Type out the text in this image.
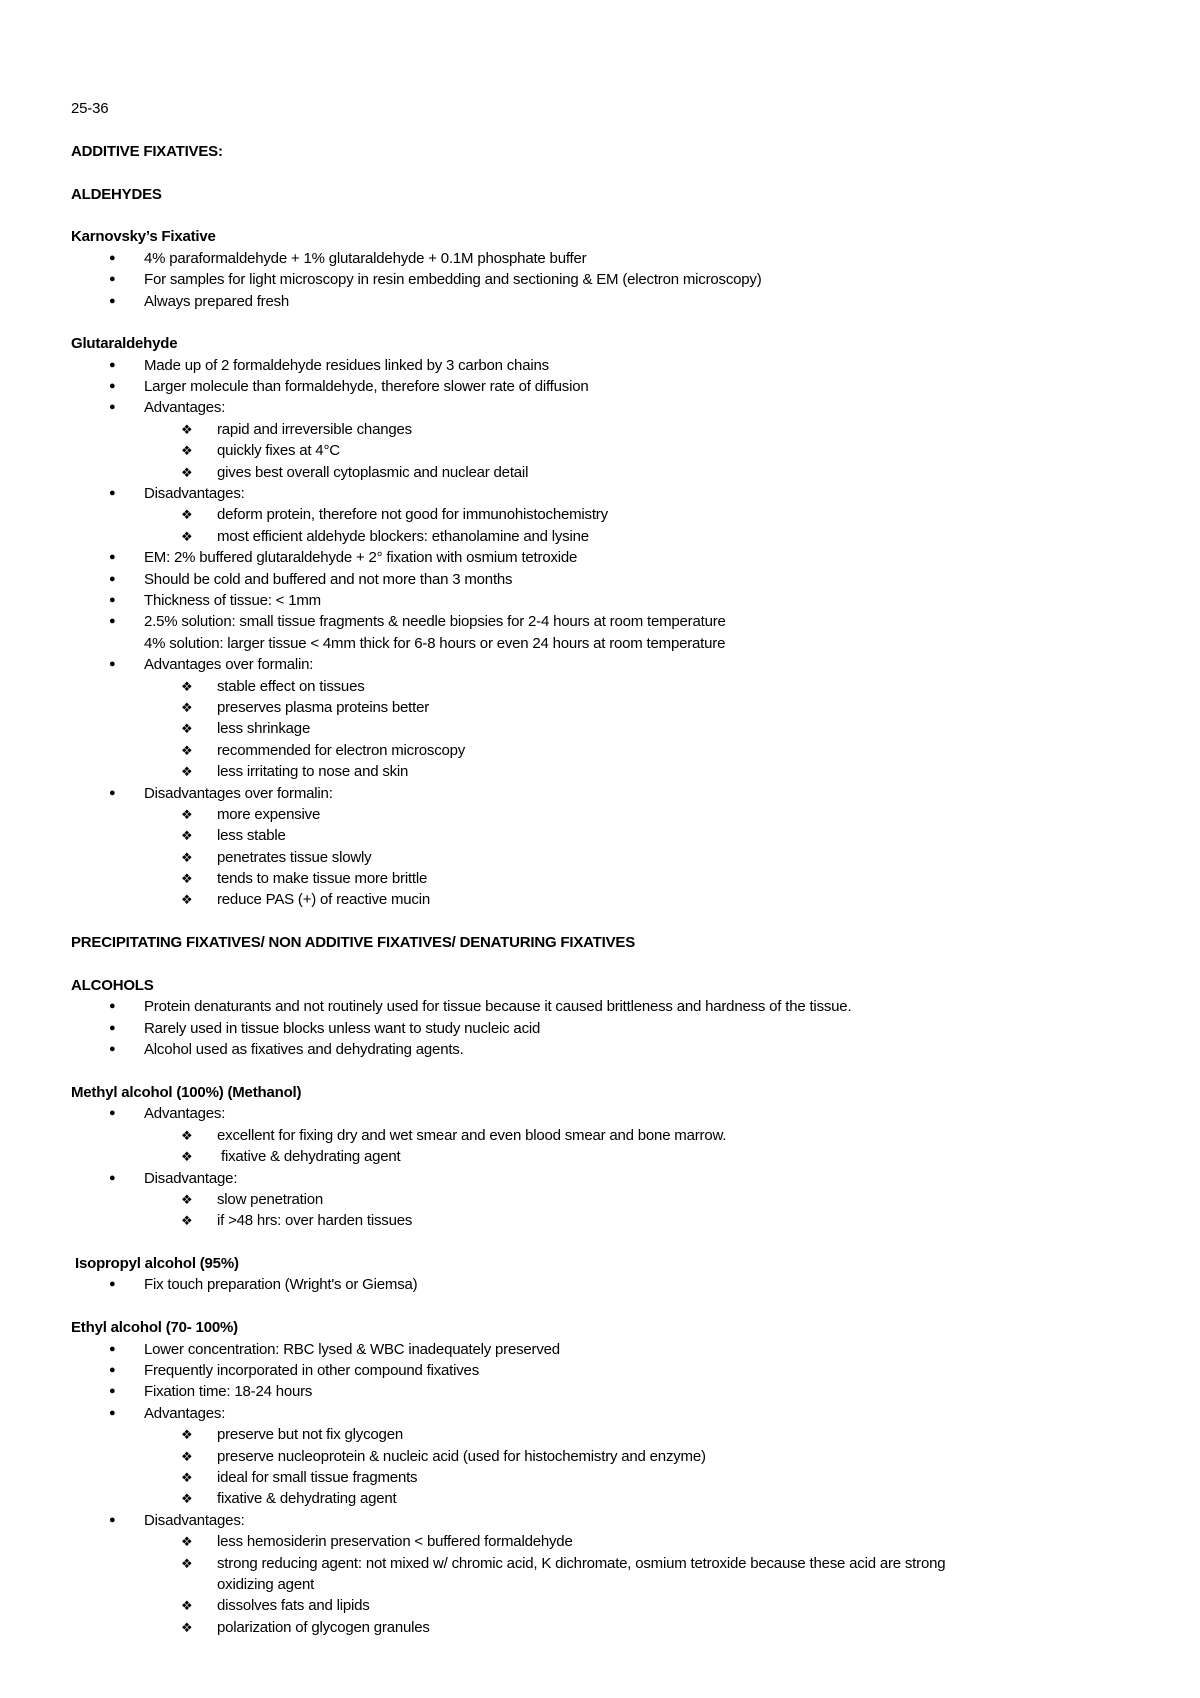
25-36
ADDITIVE FIXATIVES:
ALDEHYDES
Karnovsky’s Fixative
● 4% paraformaldehyde + 1% glutaraldehyde + 0.1M phosphate buffer
● For samples for light microscopy in resin embedding and sectioning & EM (electron microscopy)
● Always prepared fresh
Glutaraldehyde
● Made up of 2 formaldehyde residues linked by 3 carbon chains
● Larger molecule than formaldehyde, therefore slower rate of diffusion
● Advantages:
❖ rapid and irreversible changes
❖ quickly fixes at 4°C
❖ gives best overall cytoplasmic and nuclear detail
● Disadvantages:
❖ deform protein, therefore not good for immunohistochemistry
❖ most efficient aldehyde blockers: ethanolamine and lysine
● EM: 2% buffered glutaraldehyde + 2° fixation with osmium tetroxide
● Should be cold and buffered and not more than 3 months
● Thickness of tissue: < 1mm
● 2.5% solution: small tissue fragments & needle biopsies for 2-4 hours at room temperature
4% solution: larger tissue < 4mm thick for 6-8 hours or even 24 hours at room temperature
● Advantages over formalin:
❖ stable effect on tissues
❖ preserves plasma proteins better
❖ less shrinkage
❖ recommended for electron microscopy
❖ less irritating to nose and skin
● Disadvantages over formalin:
❖ more expensive
❖ less stable
❖ penetrates tissue slowly
❖ tends to make tissue more brittle
❖ reduce PAS (+) of reactive mucin
PRECIPITATING FIXATIVES/ NON ADDITIVE FIXATIVES/ DENATURING FIXATIVES
ALCOHOLS
● Protein denaturants and not routinely used for tissue because it caused brittleness and hardness of the tissue.
● Rarely used in tissue blocks unless want to study nucleic acid
● Alcohol used as fixatives and dehydrating agents.
Methyl alcohol (100%) (Methanol)
● Advantages:
❖ excellent for fixing dry and wet smear and even blood smear and bone marrow.
❖ fixative & dehydrating agent
● Disadvantage:
❖ slow penetration
❖ if >48 hrs: over harden tissues
Isopropyl alcohol (95%)
● Fix touch preparation (Wright's or Giemsa)
Ethyl alcohol (70- 100%)
● Lower concentration: RBC lysed & WBC inadequately preserved
● Frequently incorporated in other compound fixatives
● Fixation time: 18-24 hours
● Advantages:
❖ preserve but not fix glycogen
❖ preserve nucleoprotein & nucleic acid (used for histochemistry and enzyme)
❖ ideal for small tissue fragments
❖ fixative & dehydrating agent
● Disadvantages:
❖ less hemosiderin preservation < buffered formaldehyde
❖ strong reducing agent: not mixed w/ chromic acid, K dichromate, osmium tetroxide because these acid are strong
oxidizing agent
❖ dissolves fats and lipids
❖ polarization of glycogen granules
